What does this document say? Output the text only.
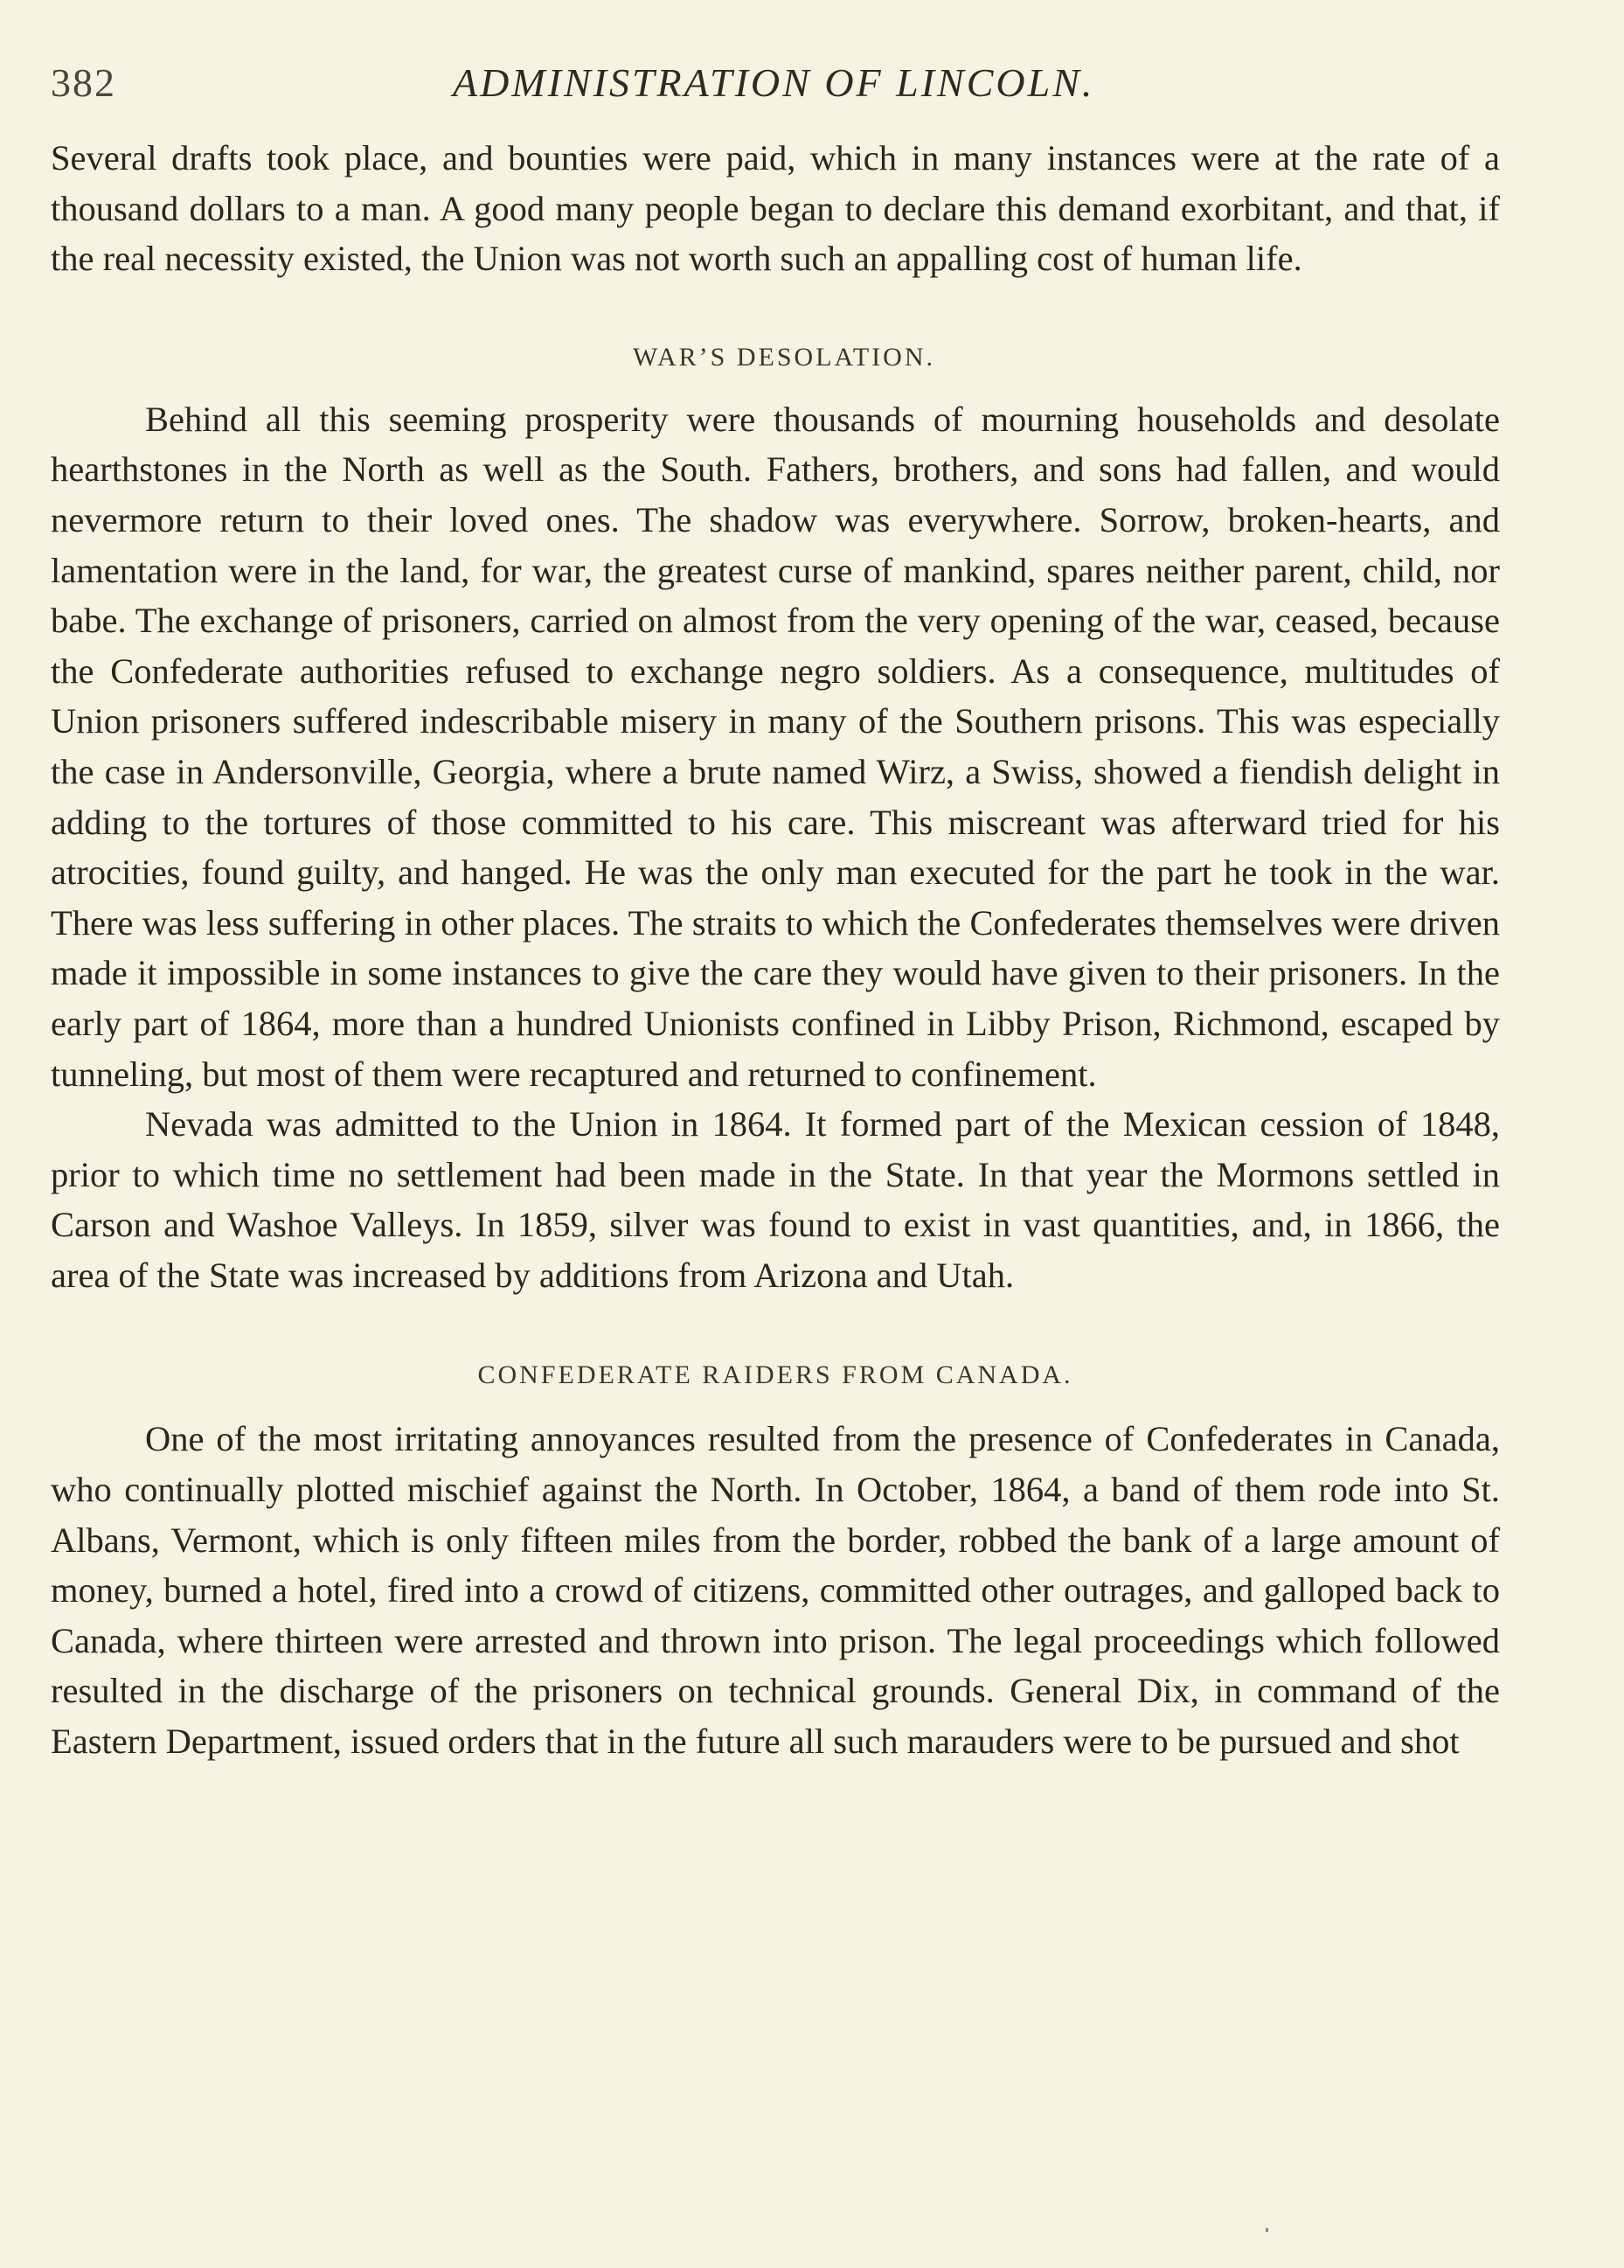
382	ADMINISTRATION OF LINCOLN.

Several drafts took place, and bounties were paid, which in many instances were at the rate of a thousand dollars to a man. A good many people began to declare this demand exorbitant, and that, if the real necessity existed, the Union was not worth such an appalling cost of human life.

WAR’S DESOLATION.

Behind all this seeming prosperity were thousands of mourning households and desolate hearthstones in the North as well as the South. Fathers, brothers, and sons had fallen, and would nevermore return to their loved ones. The shadow was everywhere. Sorrow, broken-hearts, and lamentation were in the land, for war, the greatest curse of mankind, spares neither parent, child, nor babe. The exchange of prisoners, carried on almost from the very opening of the war, ceased, because the Confederate authorities refused to exchange negro soldiers. As a consequence, multitudes of Union prisoners suffered indescribable misery in many of the Southern prisons. This was especially the case in Andersonville, Georgia, where a brute named Wirz, a Swiss, showed a fiendish delight in adding to the tortures of those committed to his care. This miscreant was afterward tried for his atrocities, found guilty, and hanged. He was the only man executed for the part he took in the war. There was less suffering in other places. The straits to which the Confederates themselves were driven made it impossible in some instances to give the care they would have given to their prisoners. In the early part of 1864, more than a hundred Unionists confined in Libby Prison, Richmond, escaped by tunneling, but most of them were recaptured and returned to confinement.

Nevada was admitted to the Union in 1864. It formed part of the Mexican cession of 1848, prior to which time no settlement had been made in the State. In that year the Mormons settled in Carson and Washoe Valleys. In 1859, silver was found to exist in vast quantities, and, in 1866, the area of the State was increased by additions from Arizona and Utah.

CONFEDERATE RAIDERS FROM CANADA.

One of the most irritating annoyances resulted from the presence of Confederates in Canada, who continually plotted mischief against the North. In October, 1864, a band of them rode into St. Albans, Vermont, which is only fifteen miles from the border, robbed the bank of a large amount of money, burned a hotel, fired into a crowd of citizens, committed other outrages, and galloped back to Canada, where thirteen were arrested and thrown into prison. The legal proceedings which followed resulted in the discharge of the prisoners on technical grounds. General Dix, in command of the Eastern Department, issued orders that in the future all such marauders were to be pursued and shot
